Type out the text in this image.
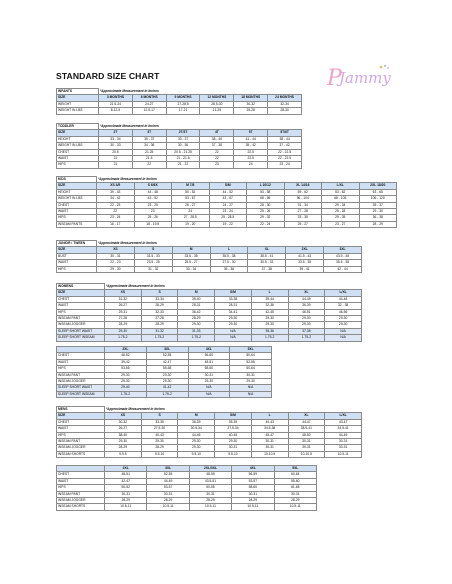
STANDARD SIZE CHART	P
Jammy
INFANTS	*Approximate Measurement in Inches					
SIZE	3 MONTHS	6 MONTHS	9 MONTHS	12 MONTHS	18 MONTHS	24 MONTHS
WEIGHT	21.5-24	24-27	27-28.5	28.5-30	30-32	32-34
WEIGHT IN LBS	8-12.5	12.5-17	17-21	21-25	25-28	28-30
TODDLER	*Approximate Measurement in Inches					
SIZE	2T	3T	2T/3T	4T	5T	5T/6T
HEIGHT	33 - 34	35 - 37	33 - 37	38 - 40	41 - 44	38 - 44
WEIGHT IN LBS	30 - 33	34 - 36	30 - 36	37 - 38	39 - 42	37 - 42
CHEST	20.5	21.25	20.5 - 21.25	22	22.5	22 - 22.5
WAIST	21	21.5	21 - 21.5	22	22.5	22 - 22.5
HIPS	21	22	21 - 22	23	24	23 - 24
KIDS	*Approximate Measurement in Inches							
SIZE	XS 4/5	S 6/6X	M 7/8	S/M	L 10/12	XL 14/16	L/XL	2XL 18/20
HEIGHT	39 - 43	44 - 48	50 - 52	44 - 52	53 - 58	59 - 62	53 - 62	63 - 65
WEIGHT IN LBS	34 - 42	43 - 52	53 - 67	43 - 67	68 - 95	96 - 104	68 - 105	106 - 120
CHEST	22 - 23	23 - 25	26 - 27	24 - 27	28 - 30	31 - 34	29 - 34	35 - 37
WAIST	22	23	24	23 - 24	25 - 26	27 - 28	25 - 28	29 - 30
HIPS	23 - 24	25 - 26	27 - 28.5	25 - 28.5	29 - 32	33 - 35	29 - 35	36 - 38
INSEAM PANTS	16 - 17	18 - 19.5	19 - 20	19 - 22	22 - 24	25 - 27	23 - 27	28 - 29
JUNIOR / TWEEN	*Approximate Measurement in Inches						
SIZE	XS	S	M	L	XL	2XL	3XL
BUST	30 - 31	31.5 - 33	33.5 - 35	35.5 - 38	38.5 - 41	41.5 - 43	43.5 - 45
WAIST	22 - 23	23.5 - 25	25.5 - 27	27.5 - 30	30.5 - 33	33.5 - 35	35.5 - 38
HIPS	29 - 30	31 - 32	33 - 34	35 - 36	37 - 38	39 - 41	42 - 44
WOMENS	*Approximate Measurement in Inches						
SIZE	XS	S	M	S/M	L	XL	L/XL
CHEST	31-32	33-34	35-40	33-38	39-44	44-49	44-48
WAIST	26-27	28-29	28-31	28-31	32-36	36-39	32 - 38
HIPS	29-31	32-33	36-42	34-41	42-45	46-51	46-56
INSEAM PANT	27-28	27-28	28-29	29-30	29-30	29-30	29-30
INSEAM JOGGER	28-29	28-29	29-30	29-30	29-30	29-30	29-30
SLEEP SHORT WAIST	29-30	31-32	31-33	N/A	35-36	37-38	N/A
SLEEP SHORT INSEAM	1.75-2	1.75-2	1.75-2	N/A	1.75-2	1.75-2	N/A
	2XL	3XL	4XL	5XL
CHEST	48-52	52-55	56-60	60-64
WAIST	39-42	42-47	48-51	52-55
HIPS	53-55	55-58	58-60	60-64
INSEAM PANT	29-30	29-30	30-31	30-31
INSEAM JOGGER	29-30	29-30	29-30	29-30
SLEEP SHORT WAIST	29-40	41-42	N/A	N/A
SLEEP SHORT INSEAM	1.75-2	1.75-2	N/A	N/A
MENS	*Approximate Measurement in Inches						
SIZE	XS	S	M	S/M	L	XL	L/XL
CHEST	30-32	33-35	36-39	35-39	40-43	44-47	43-47
WAIST	26-27	27.5-30	30.5-34	27.5-34	34.5-38	38.5-41	34.5-41
HIPS	38-40	40-43	44-46	40-45	45-47	48-50	44-49
INSEAM PANT	29-30	29-30	29-30	29-30	30-31	30-31	30-31
INSEAM JOGGER	28-29	28-29	29-30	30-31	30-31	30-31	30-31
INSEAM SHORTS	9-9.5	9.5-10	9.5-10	9.5-10	10-10.5	10-10.5	10.5-11
	2XL	3XL	2XL/3XL	4XL	5XL
CHEST	48-51	52-55	48-55	56-59	60-64
WAIST	42-47	44-49	43.5-51	53-57	55-60
HIPS	50-52	53-57	50-55	58-60	61-65
INSEAM PANT	30-31	30-31	30-31	30-31	30-31
INSEAM JOGGER	28-29	28-29	28-29	28-29	28-29
INSEAM SHORTS	10.5-11	10.5-11	10.5-11	10.5-11	10.5-11
